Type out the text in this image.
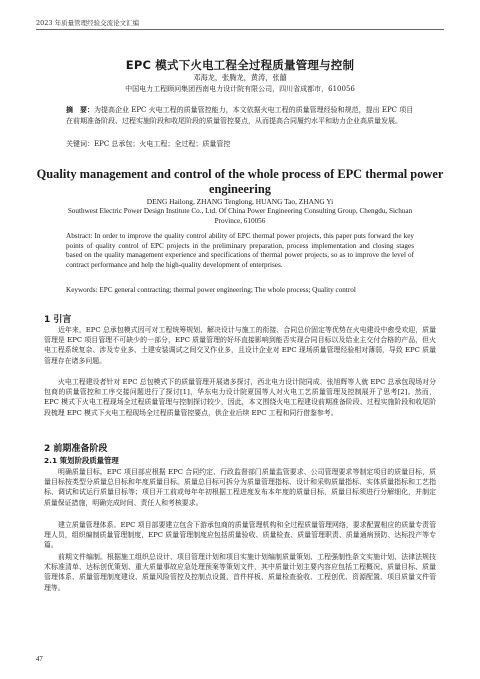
2023 年质量管理经验交流论文汇编
EPC 模式下火电工程全过程质量管理与控制
邓海龙，张腾龙，黄涛，张囍
中国电力工程顾问集团西南电力设计院有限公司，四川省成都市，610056
摘　要：为提高企业 EPC 火电工程的质量管控能力，本文依据火电工程的质量管理经验和规范，提出 EPC 项目在前期准备阶段、过程实施阶段和收尾阶段的质量管控要点，从而提高合同履约水平和助力企业高质量发展。
关键词：EPC 总承包；火电工程；全过程；质量管控
Quality management and control of the whole process of EPC thermal power engineering
DENG Hailong, ZHANG Tenglong, HUANG Tao, ZHANG Yi
Southwest Electric Power Design Institute Co., Ltd. Of China Power Engineering Consulting Group, Chengdu, Sichuan Province, 610056
Abstract: In order to improve the quality control ability of EPC thermal power projects, this paper puts forward the key points of quality control of EPC projects in the preliminary preparation, process implementation and closing stages based on the quality management experience and specifications of thermal power projects, so as to improve the level of contract performance and help the high-quality development of enterprises.
Keywords: EPC general contracting; thermal power engineering; The whole process; Quality control
1 引言
近年来，EPC 总承包模式因可对工程统筹规划、解决设计与施工的衔接、合同总价固定等优势在火电建设中愈受欢迎，质量管理是 EPC 项目管理不可缺少的一部分，EPC 质量管理的好坏直接影响到能否实现合同目标以及给业主交付合格的产品，但火电工程系统复杂、涉及专业多、土建安装调试之间交叉作业多，且设计企业对 EPC 现场质量管理经验相对薄弱，导致 EPC 质量管理存在诸多问题。
火电工程建设者针对 EPC 总包模式下的质量管理开展诸多探讨，西北电力设计院同成、张旭辉等人就 EPC 总承包现场对分包商的质量管控和工序交接问题进行了探讨[1]，华东电力设计院夏国等人对火电工艺质量管理及控制展开了思考[2]。然而，EPC 模式下火电工程现场全过程质量管理与控制探讨较少，因此，本文围绕火电工程建设前期准备阶段、过程实施阶段和收尾阶段梳理 EPC 模式下火电工程现场全过程质量管控要点，供企业后续 EPC 工程和同行借鉴参考。
2 前期准备阶段
2.1 策划阶段质量管理
明确质量目标。EPC 项目部应根据 EPC 合同约定、行政监督部门质量监管要求、公司管理要求等制定项目的质量目标，质量目标按类型分质量总目标和年度质量目标。质量总目标可拆分为质量管理指标、设计和采购质量指标、实体质量指标和工艺指标、调试和试运行质量目标等；项目开工前或每年年初根据工程进度发布本年度的质量目标，质量目标须进行分解细化，并制定质量保证措施，明确完成时间、责任人和考核要求。
建立质量管理体系。EPC 项目部要建立包含下游承包商的质量管理机构和全过程质量管理网络，要求配置相应的质量专责管理人员，组织编制质量管理制度，EPC 质量管理制度应包括质量验收、质量检查、质量管理职责、质量通病预防、达标投产等专篇。
前期文件编制。根据施工组织总设计、项目管理计划和项目实施计划编制质量策划、工程强制性条文实施计划、法律法规技术标准清单、达标创优策划、重大质量事故应急处理预案等策划文件，其中质量计划主要内容应包括工程概况、质量目标、质量管理体系、质量管理制度建设、质量风险管控及控制点设置、首件样板、质量检查验收、工程创优、资源配置、项目质量文件管理等。
47
